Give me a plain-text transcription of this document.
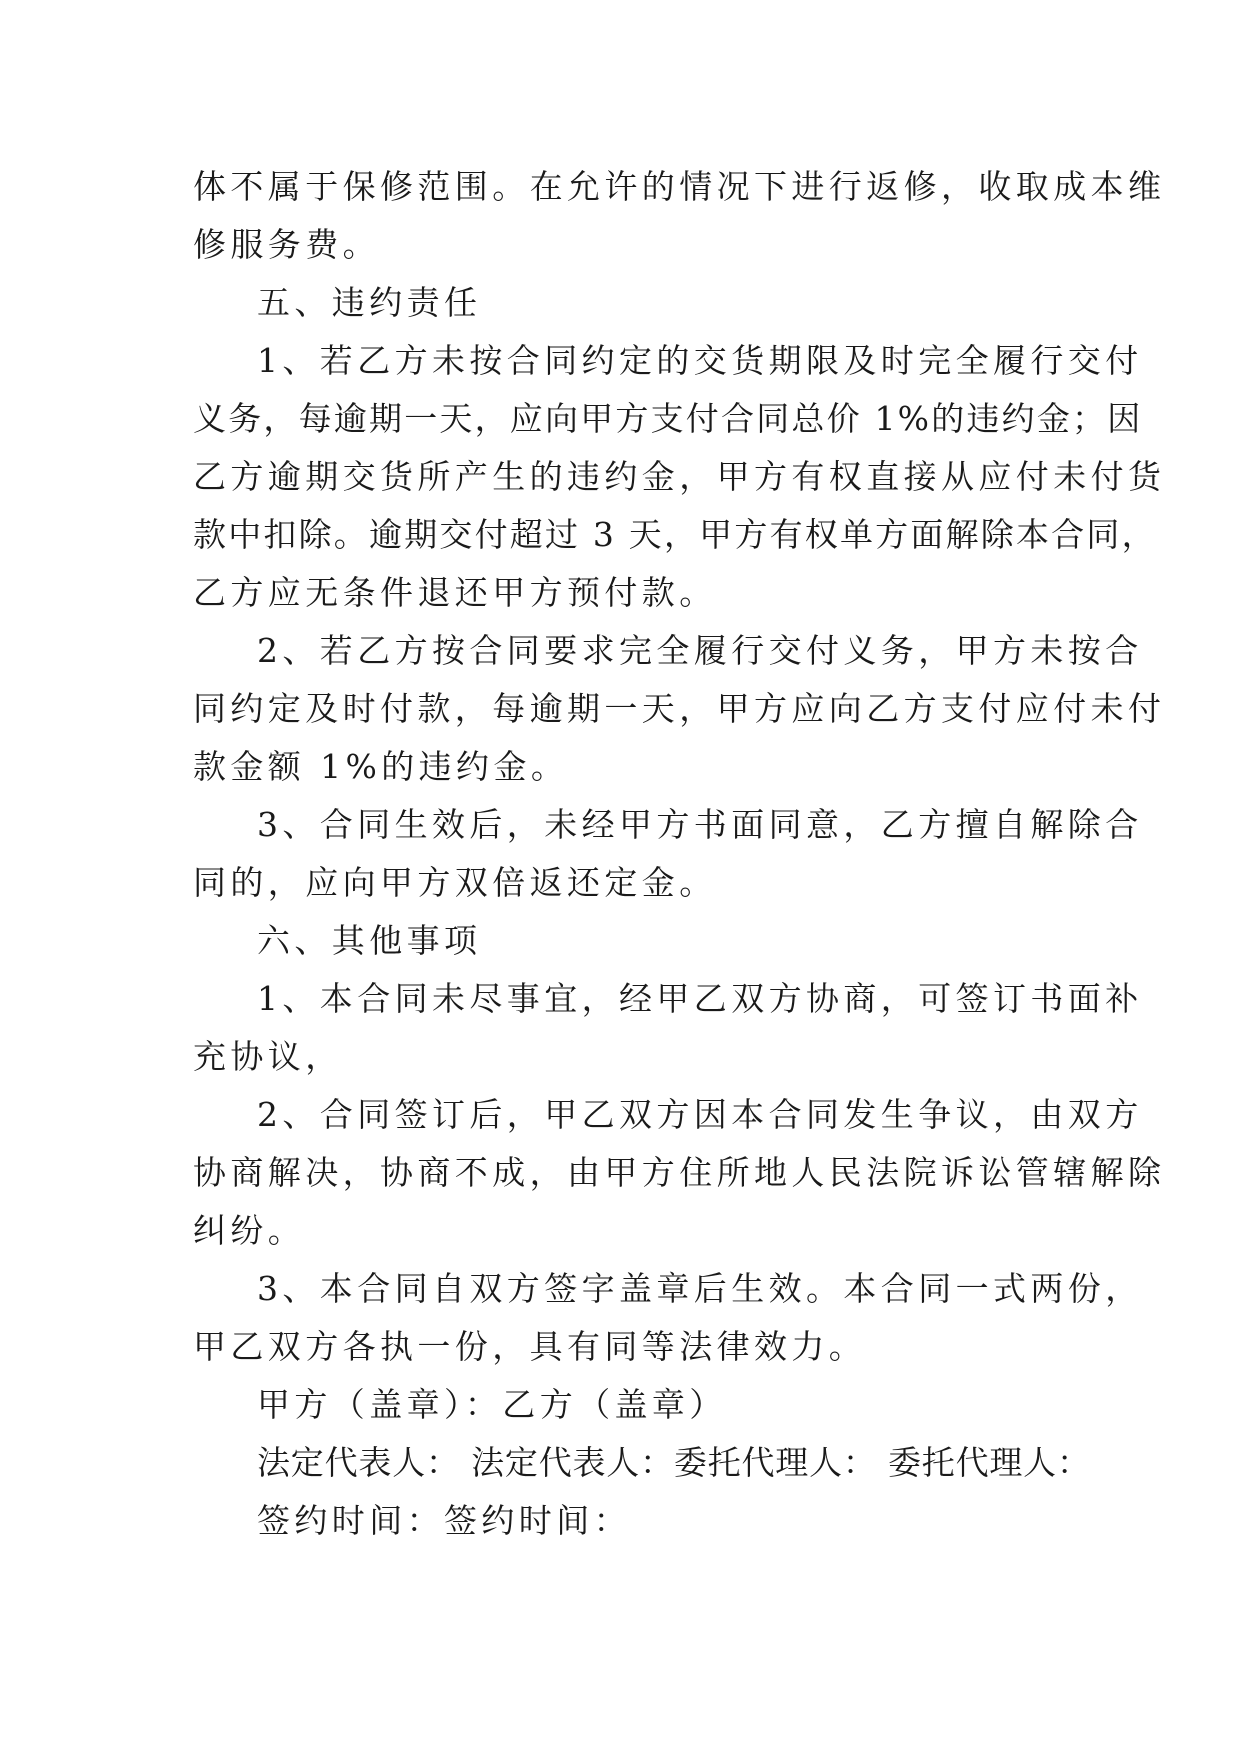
体不属于保修范围。在允许的情况下进行返修，收取成本维
修服务费。
五、违约责任
1、若乙方未按合同约定的交货期限及时完全履行交付
义务，每逾期一天，应向甲方支付合同总价 1%的违约金；因
乙方逾期交货所产生的违约金，甲方有权直接从应付未付货
款中扣除。逾期交付超过 3 天，甲方有权单方面解除本合同，
乙方应无条件退还甲方预付款。
2、若乙方按合同要求完全履行交付义务，甲方未按合
同约定及时付款，每逾期一天，甲方应向乙方支付应付未付
款金额 1%的违约金。
3、合同生效后，未经甲方书面同意，乙方擅自解除合
同的，应向甲方双倍返还定金。
六、其他事项
1、本合同未尽事宜，经甲乙双方协商，可签订书面补
充协议，
2、合同签订后，甲乙双方因本合同发生争议，由双方
协商解决，协商不成，由甲方住所地人民法院诉讼管辖解除
纠纷。
3、本合同自双方签字盖章后生效。本合同一式两份，
甲乙双方各执一份，具有同等法律效力。
甲方（盖章）：乙方（盖章）
法定代表人： 法定代表人：委托代理人： 委托代理人：
签约时间：签约时间：
